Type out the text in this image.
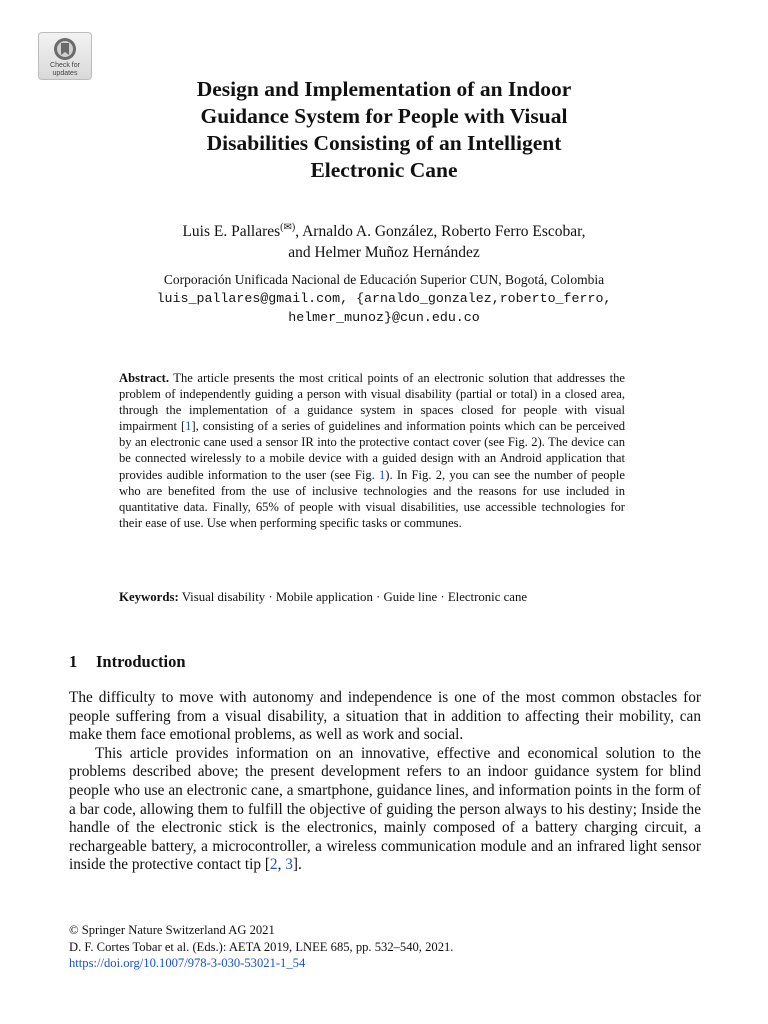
Check for
updates
Design and Implementation of an Indoor
Guidance System for People with Visual
Disabilities Consisting of an Intelligent
Electronic Cane
Luis E. Pallares(✉), Arnaldo A. González, Roberto Ferro Escobar,
and Helmer Muñoz Hernández
Corporación Unificada Nacional de Educación Superior CUN, Bogotá, Colombia
luis_pallares@gmail.com, {arnaldo_gonzalez,roberto_ferro,
helmer_munoz}@cun.edu.co
Abstract. The article presents the most critical points of an electronic solution that addresses the problem of independently guiding a person with visual disability (partial or total) in a closed area, through the implementation of a guidance system in spaces closed for people with visual impairment [1], consisting of a series of guidelines and information points which can be perceived by an electronic cane used a sensor IR into the protective contact cover (see Fig. 2). The device can be connected wirelessly to a mobile device with a guided design with an Android application that provides audible information to the user (see Fig. 1). In Fig. 2, you can see the number of people who are benefited from the use of inclusive technologies and the reasons for use included in quantitative data. Finally, 65% of people with visual disabilities, use accessible technologies for their ease of use. Use when performing specific tasks or communes.
Keywords: Visual disability · Mobile application · Guide line · Electronic cane
1 Introduction

The difficulty to move with autonomy and independence is one of the most common obstacles for people suffering from a visual disability, a situation that in addition to affecting their mobility, can make them face emotional problems, as well as work and social.

This article provides information on an innovative, effective and economical solution to the problems described above; the present development refers to an indoor guidance system for blind people who use an electronic cane, a smartphone, guidance lines, and information points in the form of a bar code, allowing them to fulfill the objective of guiding the person always to his destiny; Inside the handle of the electronic stick is the electronics, mainly composed of a battery charging circuit, a rechargeable battery, a microcontroller, a wireless communication module and an infrared light sensor inside the protective contact tip [2, 3].

© Springer Nature Switzerland AG 2021
D. F. Cortes Tobar et al. (Eds.): AETA 2019, LNEE 685, pp. 532–540, 2021.
https://doi.org/10.1007/978-3-030-53021-1_54
